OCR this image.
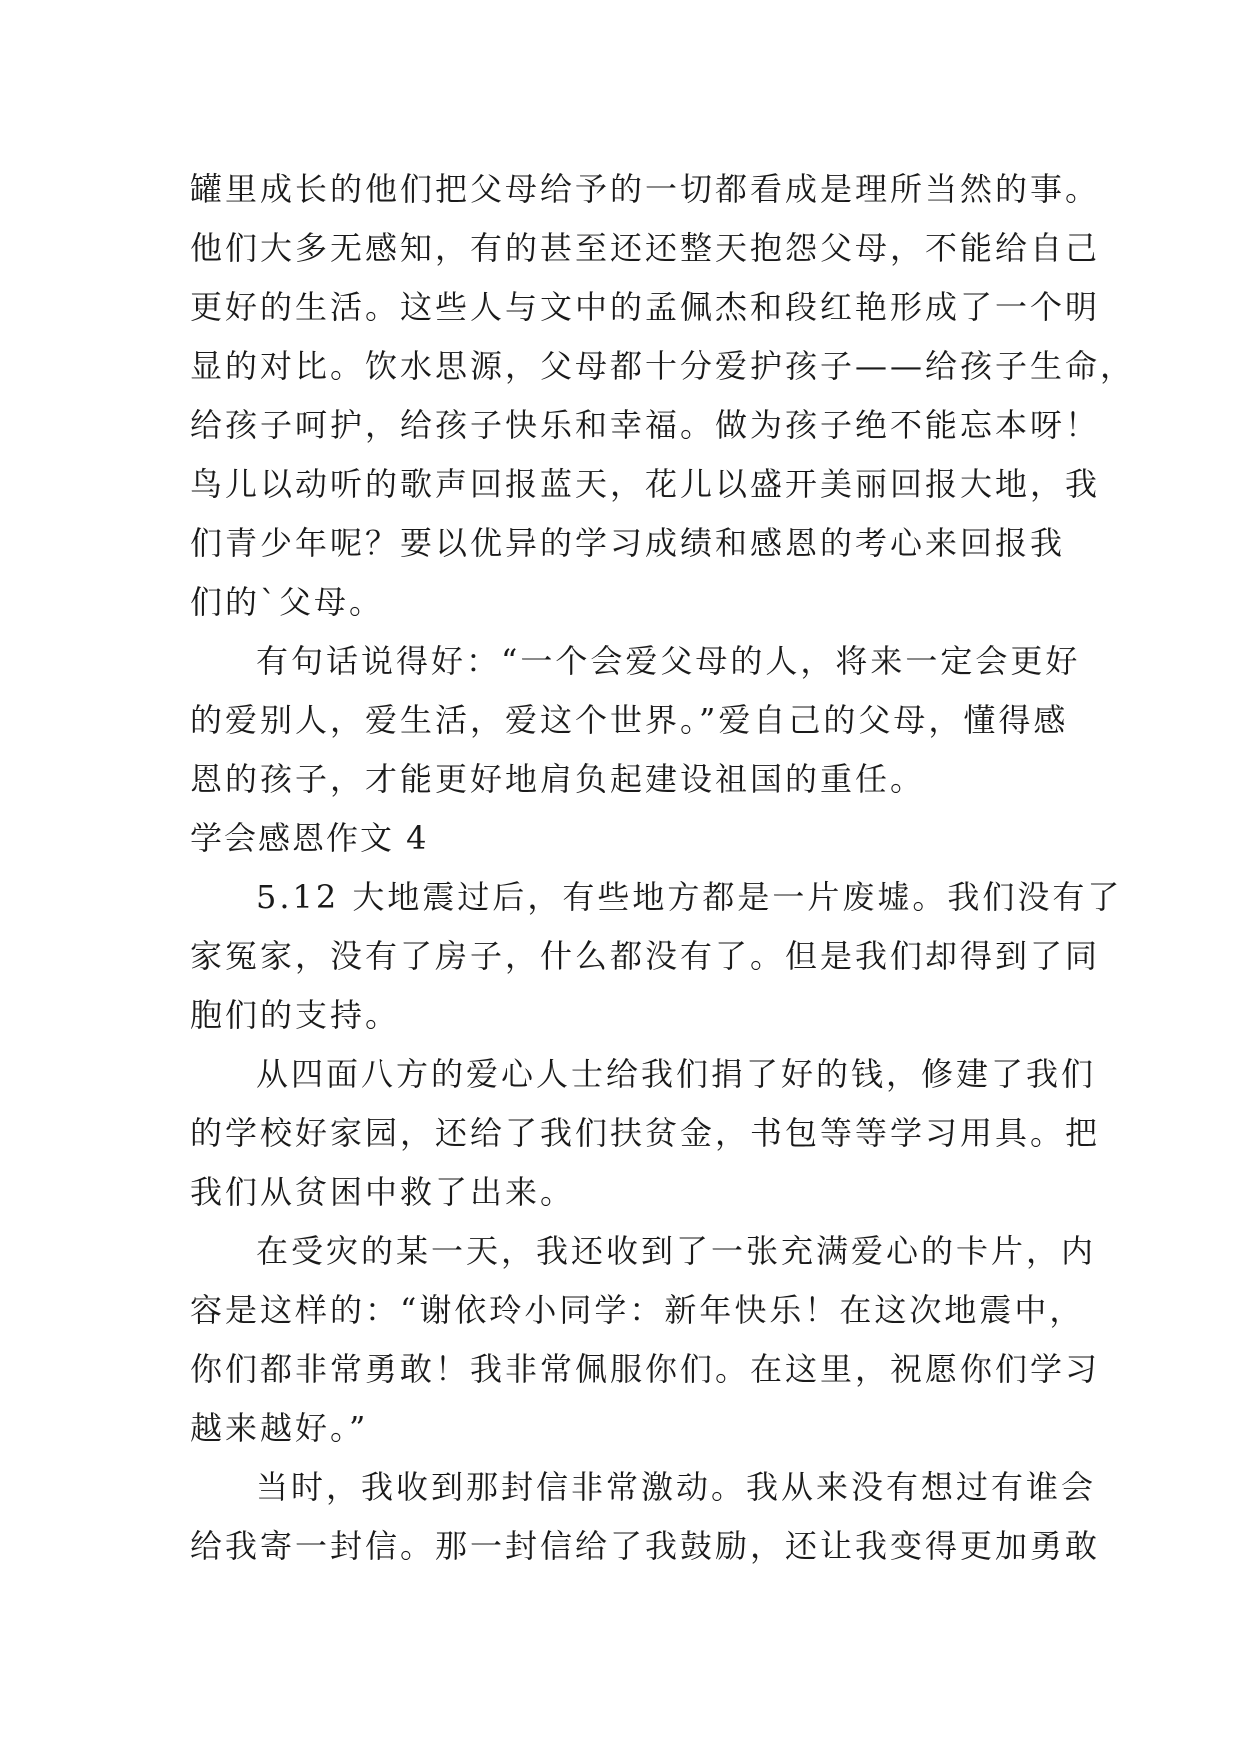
罐里成长的他们把父母给予的一切都看成是理所当然的事。
他们大多无感知，有的甚至还还整天抱怨父母，不能给自己
更好的生活。这些人与文中的孟佩杰和段红艳形成了一个明
显的对比。饮水思源，父母都十分爱护孩子——给孩子生命，
给孩子呵护，给孩子快乐和幸福。做为孩子绝不能忘本呀！
鸟儿以动听的歌声回报蓝天，花儿以盛开美丽回报大地，我
们青少年呢？要以优异的学习成绩和感恩的考心来回报我
们的`父母。
有句话说得好：“一个会爱父母的人，将来一定会更好
的爱别人，爱生活，爱这个世界。”爱自己的父母，懂得感
恩的孩子，才能更好地肩负起建设祖国的重任。
学会感恩作文 4
5.12 大地震过后，有些地方都是一片废墟。我们没有了
家冤家，没有了房子，什么都没有了。但是我们却得到了同
胞们的支持。
从四面八方的爱心人士给我们捐了好的钱，修建了我们
的学校好家园，还给了我们扶贫金，书包等等学习用具。把
我们从贫困中救了出来。
在受灾的某一天，我还收到了一张充满爱心的卡片，内
容是这样的：“谢依玲小同学：新年快乐！在这次地震中，
你们都非常勇敢！我非常佩服你们。在这里，祝愿你们学习
越来越好。”
当时，我收到那封信非常激动。我从来没有想过有谁会
给我寄一封信。那一封信给了我鼓励，还让我变得更加勇敢
